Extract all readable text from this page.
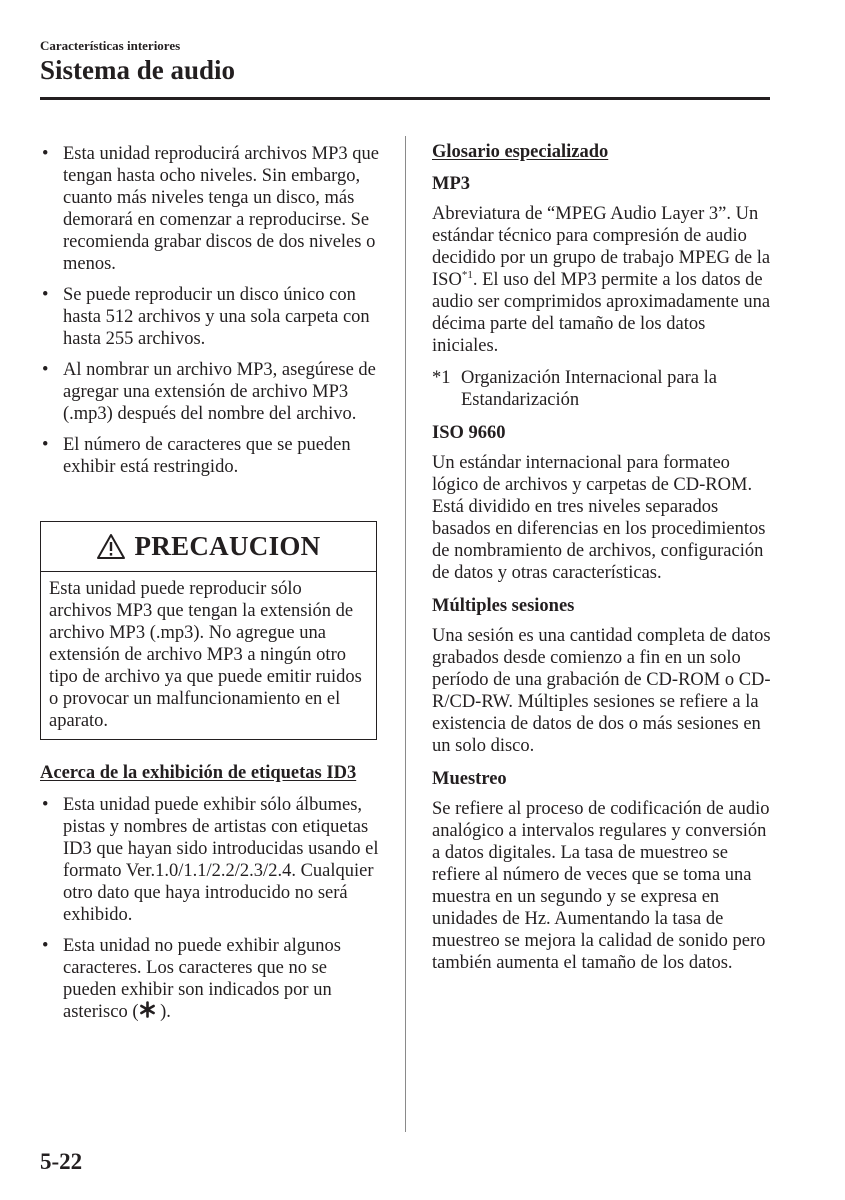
Características interiores
Sistema de audio
• Esta unidad reproducirá archivos MP3 que tengan hasta ocho niveles. Sin embargo, cuanto más niveles tenga un disco, más demorará en comenzar a reproducirse. Se recomienda grabar discos de dos niveles o menos.
• Se puede reproducir un disco único con hasta 512 archivos y una sola carpeta con hasta 255 archivos.
• Al nombrar un archivo MP3, asegúrese de agregar una extensión de archivo MP3 (.mp3) después del nombre del archivo.
• El número de caracteres que se pueden exhibir está restringido.
PRECAUCION
Esta unidad puede reproducir sólo archivos MP3 que tengan la extensión de archivo MP3 (.mp3). No agregue una extensión de archivo MP3 a ningún otro tipo de archivo ya que puede emitir ruidos o provocar un malfuncionamiento en el aparato.
Acerca de la exhibición de etiquetas ID3
• Esta unidad puede exhibir sólo álbumes, pistas y nombres de artistas con etiquetas ID3 que hayan sido introducidas usando el formato Ver.1.0/1.1/2.2/2.3/2.4. Cualquier otro dato que haya introducido no será exhibido.
• Esta unidad no puede exhibir algunos caracteres. Los caracteres que no se pueden exhibir son indicados por un asterisco ( ).
Glosario especializado

MP3

Abreviatura de “MPEG Audio Layer 3”. Un estándar técnico para compresión de audio decidido por un grupo de trabajo MPEG de la ISO$^{*1}$. El uso del MP3 permite a los datos de audio ser comprimidos aproximadamente una décima parte del tamaño de los datos iniciales.

*1 Organización Internacional para la Estandarización

ISO 9660

Un estándar internacional para formateo lógico de archivos y carpetas de CD-ROM. Está dividido en tres niveles separados basados en diferencias en los procedimientos de nombramiento de archivos, configuración de datos y otras características.

Múltiples sesiones

Una sesión es una cantidad completa de datos grabados desde comienzo a fin en un solo período de una grabación de CD-ROM o CD-R/CD-RW. Múltiples sesiones se refiere a la existencia de datos de dos o más sesiones en un solo disco.

Muestreo

Se refiere al proceso de codificación de audio analógico a intervalos regulares y conversión a datos digitales. La tasa de muestreo se refiere al número de veces que se toma una muestra en un segundo y se expresa en unidades de Hz. Aumentando la tasa de muestreo se mejora la calidad de sonido pero también aumenta el tamaño de los datos.

5-22
